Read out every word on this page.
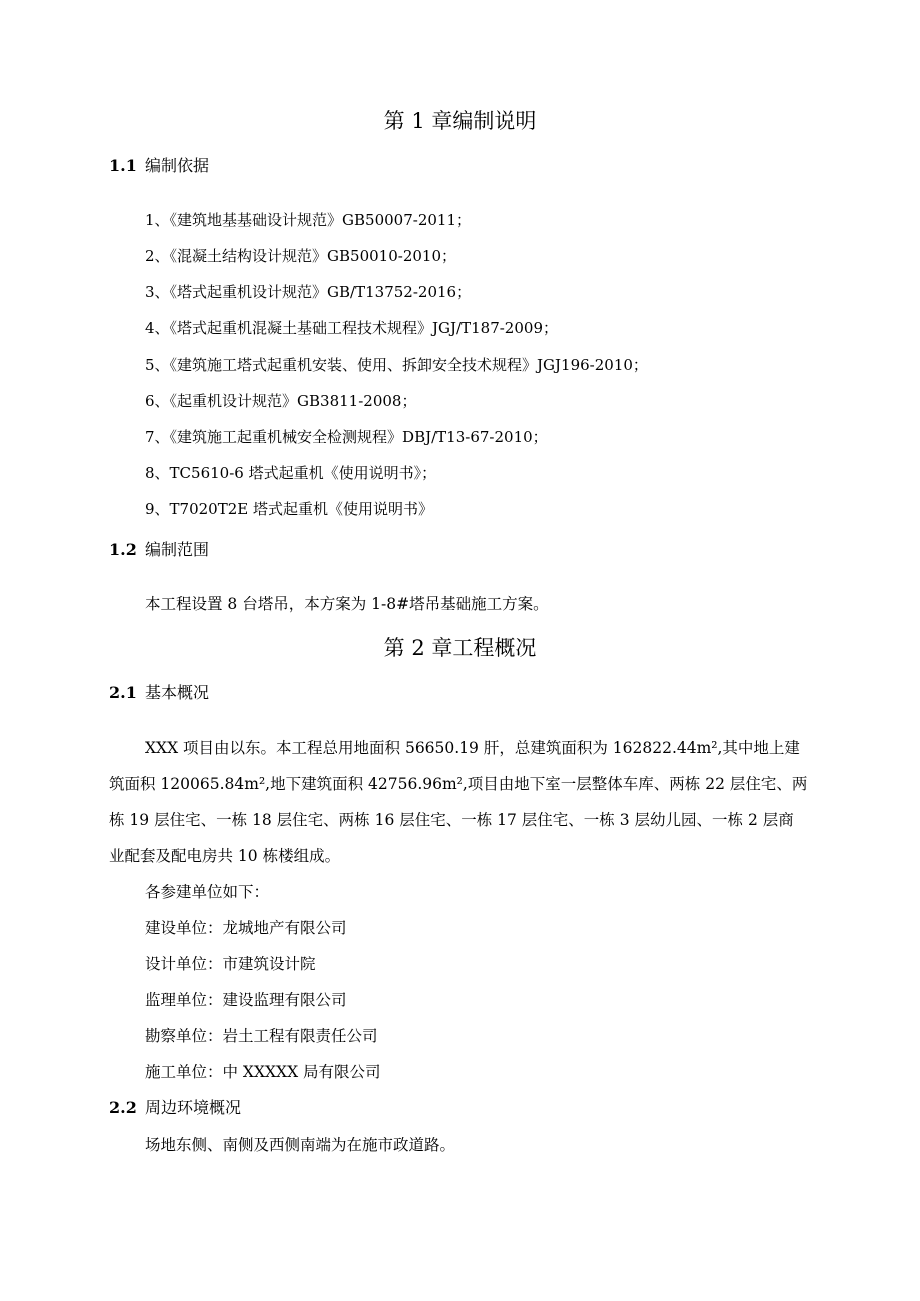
第 1 章编制说明
1.1 编制依据
1、《建筑地基基础设计规范》GB50007-2011；
2、《混凝土结构设计规范》GB50010-2010；
3、《塔式起重机设计规范》GB/T13752-2016；
4、《塔式起重机混凝土基础工程技术规程》JGJ/T187-2009；
5、《建筑施工塔式起重机安装、使用、拆卸安全技术规程》JGJ196-2010；
6、《起重机设计规范》GB3811-2008；
7、《建筑施工起重机械安全检测规程》DBJ/T13-67-2010；
8、TC5610-6 塔式起重机《使用说明书》；
9、T7020T2E 塔式起重机《使用说明书》
1.2 编制范围
本工程设置 8 台塔吊，本方案为 1-8#塔吊基础施工方案。
第 2 章工程概况
2.1 基本概况
XXX 项目由以东。本工程总用地面积 56650.19 肝，总建筑面积为 162822.44m²,其中地上建
筑面积 120065.84m²,地下建筑面积 42756.96m²,项目由地下室一层整体车库、两栋 22 层住宅、两
栋 19 层住宅、一栋 18 层住宅、两栋 16 层住宅、一栋 17 层住宅、一栋 3 层幼儿园、一栋 2 层商
业配套及配电房共 10 栋楼组成。
各参建单位如下：
建设单位：龙城地产有限公司
设计单位：市建筑设计院
监理单位：建设监理有限公司
勘察单位：岩土工程有限责任公司
施工单位：中 XXXXX 局有限公司
2.2 周边环境概况
场地东侧、南侧及西侧南端为在施市政道路。
